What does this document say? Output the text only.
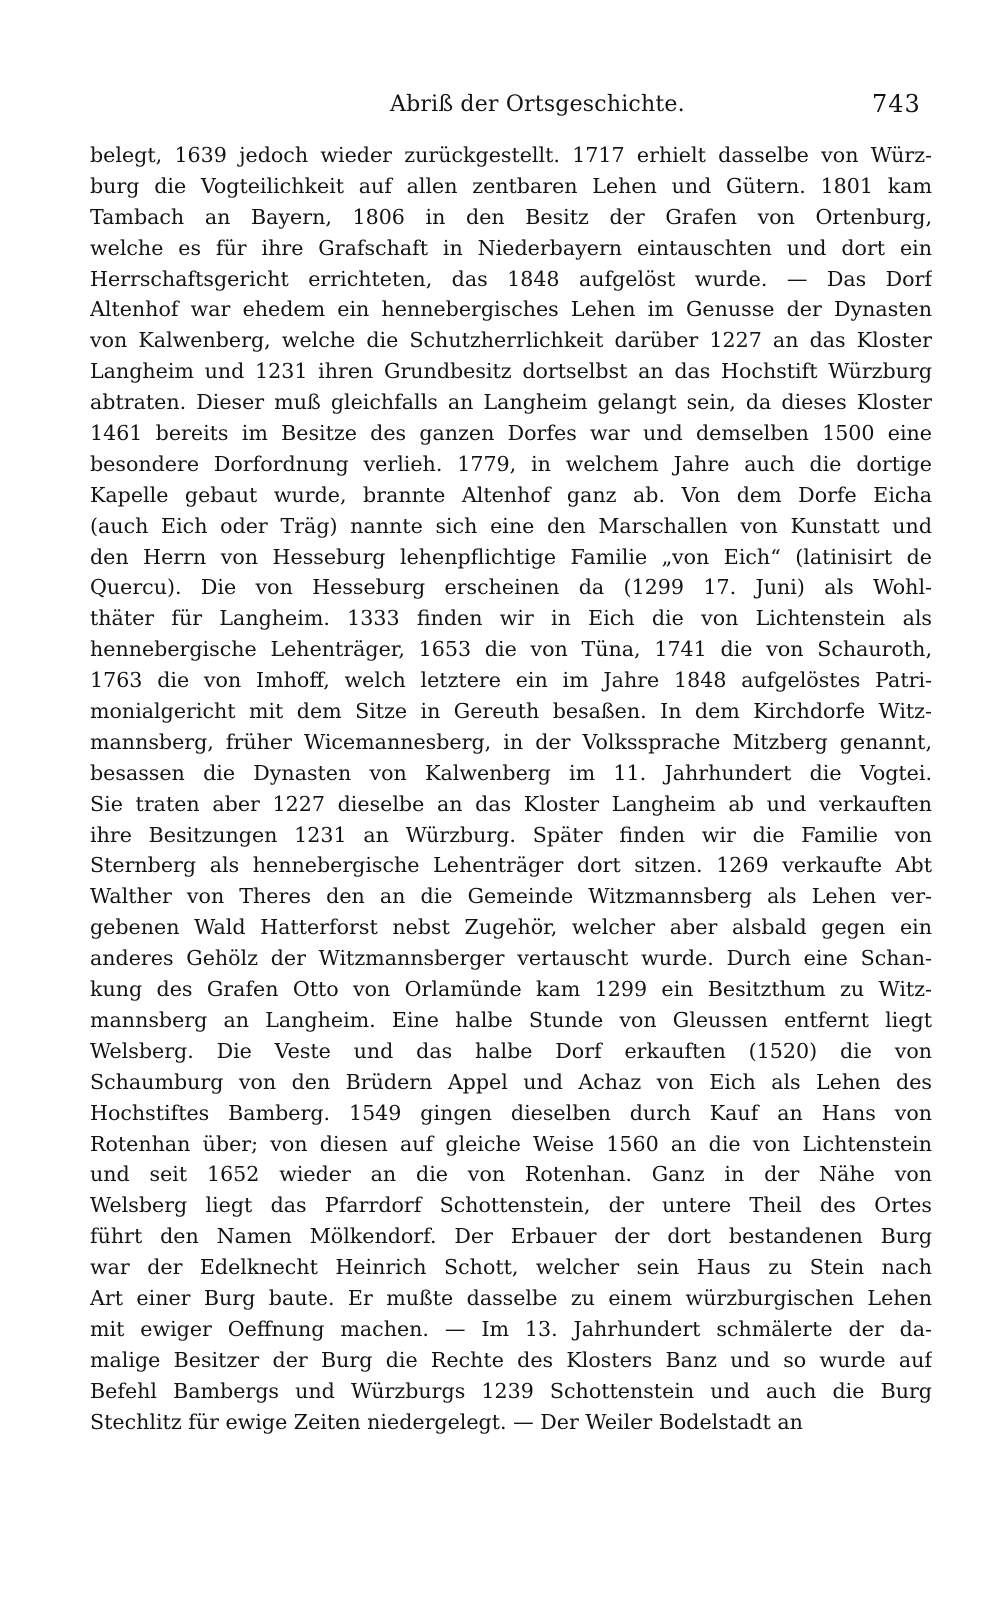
Abriß der Ortsgeschichte.	743
belegt, 1639 jedoch wieder zurückgestellt. 1717 erhielt dasselbe von Würz-
burg die Vogteilichkeit auf allen zentbaren Lehen und Gütern. 1801 kam
Tambach an Bayern, 1806 in den Besitz der Grafen von Ortenburg,
welche es für ihre Grafschaft in Niederbayern eintauschten und dort ein
Herrschaftsgericht errichteten, das 1848 aufgelöst wurde. — Das Dorf
Altenhof war ehedem ein hennebergisches Lehen im Genusse der Dynasten
von Kalwenberg, welche die Schutzherrlichkeit darüber 1227 an das Kloster
Langheim und 1231 ihren Grundbesitz dortselbst an das Hochstift Würzburg
abtraten. Dieser muß gleichfalls an Langheim gelangt sein, da dieses Kloster
1461 bereits im Besitze des ganzen Dorfes war und demselben 1500 eine
besondere Dorfordnung verlieh. 1779, in welchem Jahre auch die dortige
Kapelle gebaut wurde, brannte Altenhof ganz ab. Von dem Dorfe Eicha
(auch Eich oder Träg) nannte sich eine den Marschallen von Kunstatt und
den Herrn von Hesseburg lehenpflichtige Familie „von Eich“ (latinisirt de
Quercu). Die von Hesseburg erscheinen da (1299 17. Juni) als Wohl-
thäter für Langheim. 1333 finden wir in Eich die von Lichtenstein als
hennebergische Lehenträger, 1653 die von Tüna, 1741 die von Schauroth,
1763 die von Imhoff, welch letztere ein im Jahre 1848 aufgelöstes Patri-
monialgericht mit dem Sitze in Gereuth besaßen. In dem Kirchdorfe Witz-
mannsberg, früher Wicemannesberg, in der Volkssprache Mitzberg genannt,
besassen die Dynasten von Kalwenberg im 11. Jahrhundert die Vogtei.
Sie traten aber 1227 dieselbe an das Kloster Langheim ab und verkauften
ihre Besitzungen 1231 an Würzburg. Später finden wir die Familie von
Sternberg als hennebergische Lehenträger dort sitzen. 1269 verkaufte Abt
Walther von Theres den an die Gemeinde Witzmannsberg als Lehen ver-
gebenen Wald Hatterforst nebst Zugehör, welcher aber alsbald gegen ein
anderes Gehölz der Witzmannsberger vertauscht wurde. Durch eine Schan-
kung des Grafen Otto von Orlamünde kam 1299 ein Besitzthum zu Witz-
mannsberg an Langheim. Eine halbe Stunde von Gleussen entfernt liegt
Welsberg. Die Veste und das halbe Dorf erkauften (1520) die von
Schaumburg von den Brüdern Appel und Achaz von Eich als Lehen des
Hochstiftes Bamberg. 1549 gingen dieselben durch Kauf an Hans von
Rotenhan über; von diesen auf gleiche Weise 1560 an die von Lichtenstein
und seit 1652 wieder an die von Rotenhan. Ganz in der Nähe von
Welsberg liegt das Pfarrdorf Schottenstein, der untere Theil des Ortes
führt den Namen Mölkendorf. Der Erbauer der dort bestandenen Burg
war der Edelknecht Heinrich Schott, welcher sein Haus zu Stein nach
Art einer Burg baute. Er mußte dasselbe zu einem würzburgischen Lehen
mit ewiger Oeffnung machen. — Im 13. Jahrhundert schmälerte der da-
malige Besitzer der Burg die Rechte des Klosters Banz und so wurde auf
Befehl Bambergs und Würzburgs 1239 Schottenstein und auch die Burg
Stechlitz für ewige Zeiten niedergelegt. — Der Weiler Bodelstadt an
